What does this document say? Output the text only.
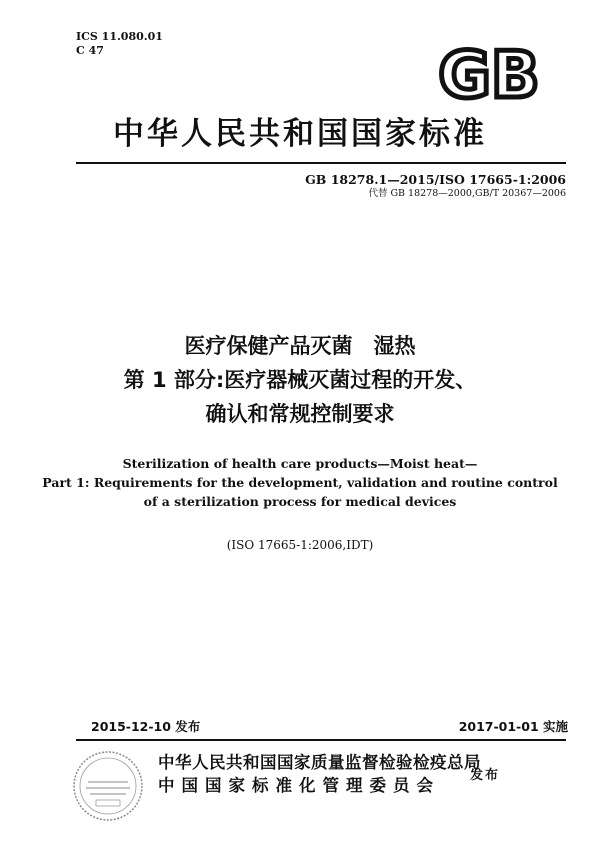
ICS 11.080.01
C 47	GB
中华人民共和国国家标准
GB 18278.1—2015/ISO 17665-1:2006
代替 GB 18278—2000,GB/T 20367—2006
医疗保健产品灭菌　湿热
第 1 部分:医疗器械灭菌过程的开发、
确认和常规控制要求
Sterilization of health care products—Moist heat—
Part 1: Requirements for the development, validation and routine control
of a sterilization process for medical devices
(ISO 17665-1:2006,IDT)
2015-12-10 发布	2017-01-01 实施
中华人民共和国国家质量监督检验检疫总局
中国国家标准化管理委员会
发布
